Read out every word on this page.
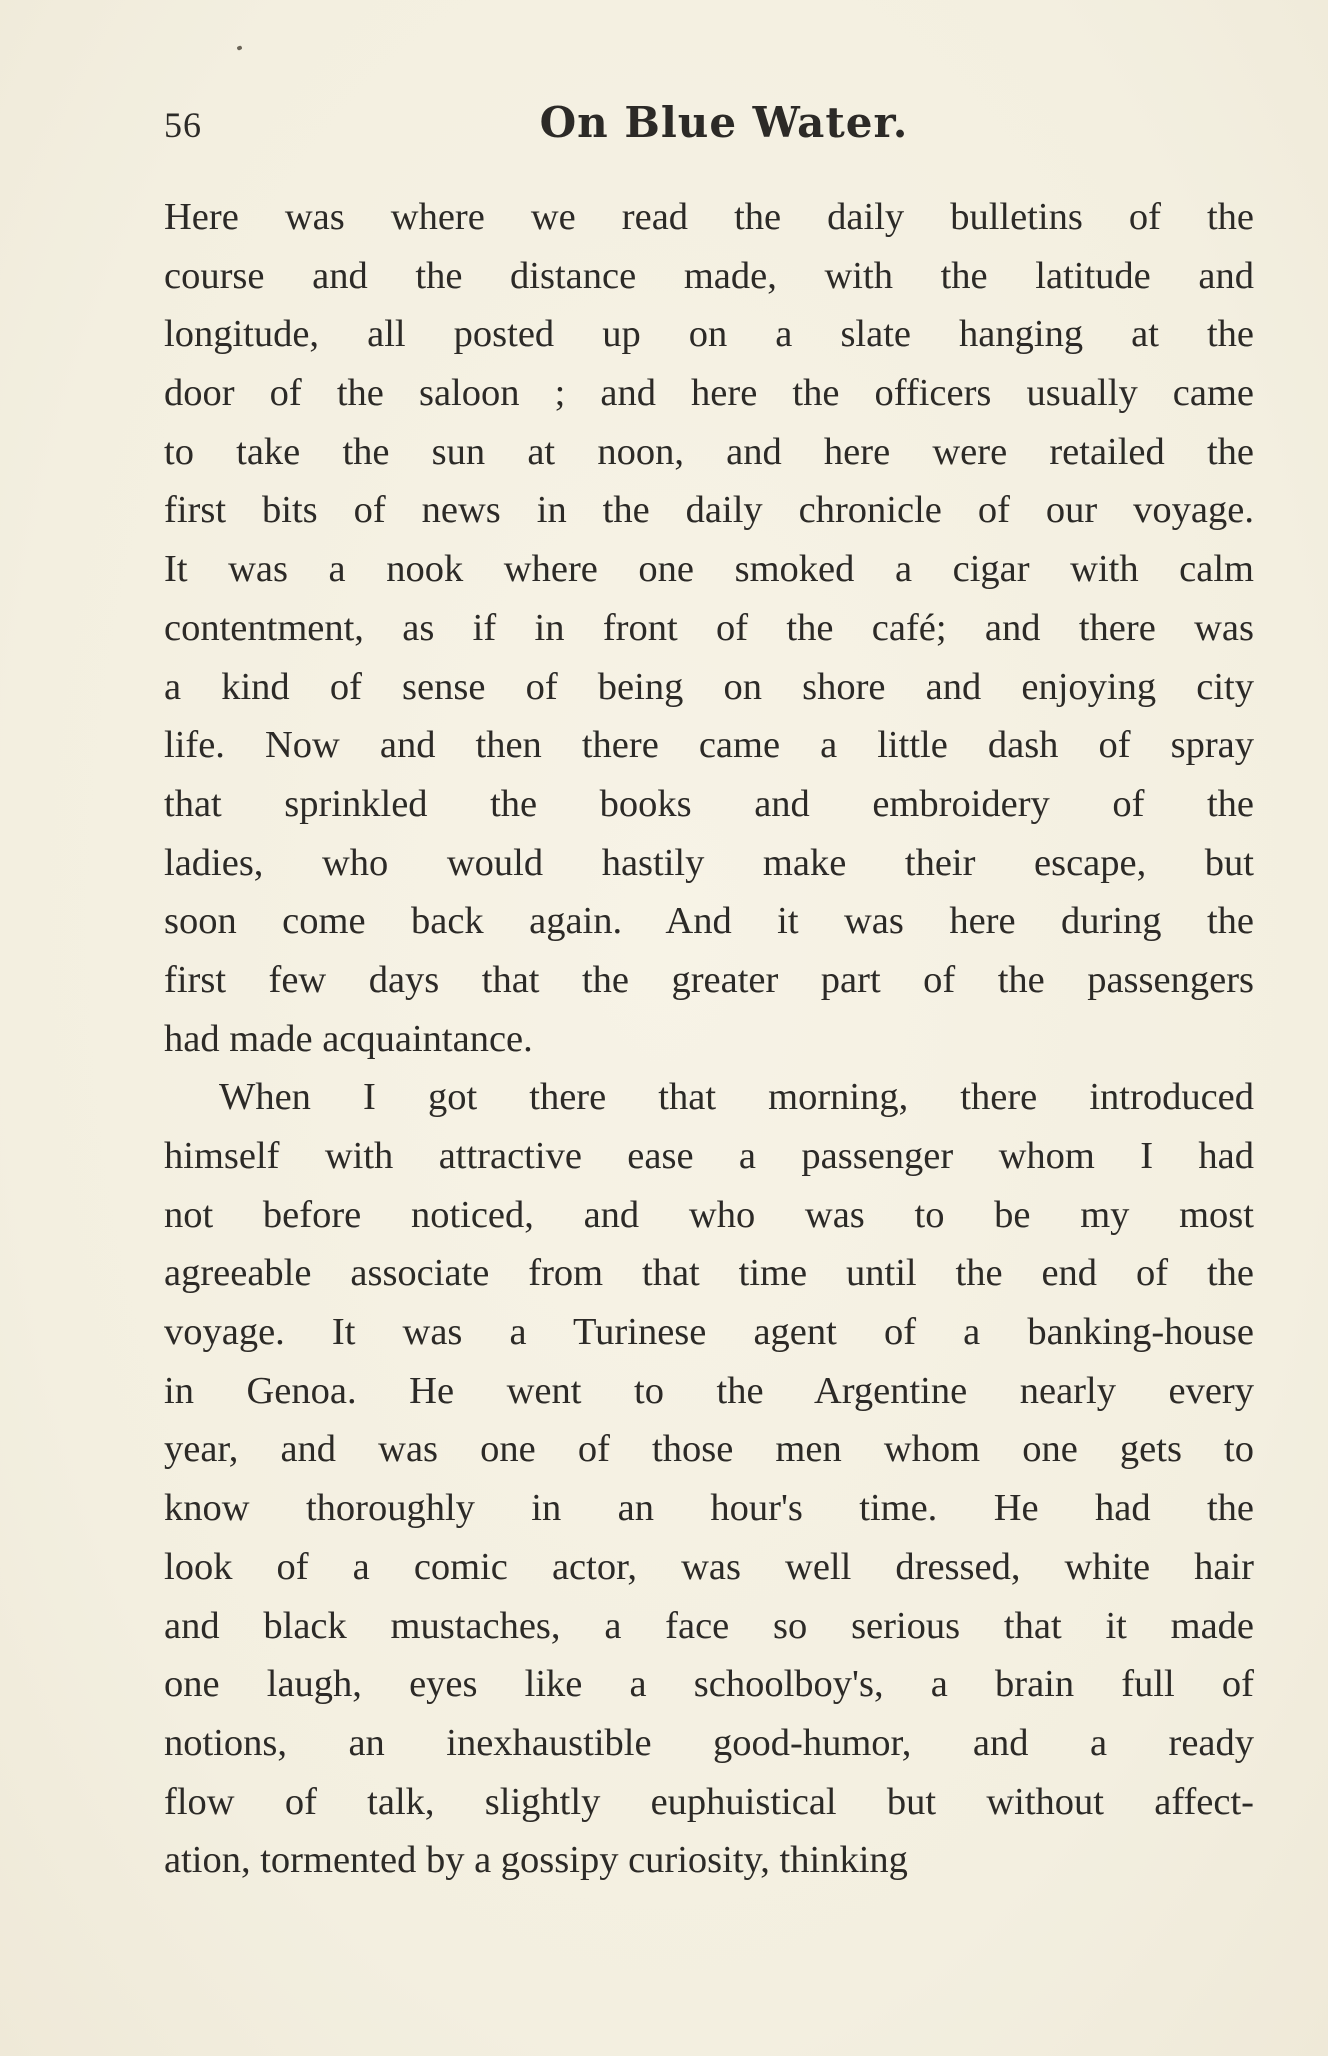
56	On Blue Water.
Here was where we read the daily bulletins of the
course and the distance made, with the latitude and
longitude, all posted up on a slate hanging at the
door of the saloon ; and here the officers usually came
to take the sun at noon, and here were retailed the
first bits of news in the daily chronicle of our voyage.
It was a nook where one smoked a cigar with calm
contentment, as if in front of the café; and there was
a kind of sense of being on shore and enjoying city
life. Now and then there came a little dash of spray
that sprinkled the books and embroidery of the
ladies, who would hastily make their escape, but
soon come back again. And it was here during the
first few days that the greater part of the passengers
had made acquaintance.
When I got there that morning, there introduced
himself with attractive ease a passenger whom I had
not before noticed, and who was to be my most
agreeable associate from that time until the end of the
voyage. It was a Turinese agent of a banking-house
in Genoa. He went to the Argentine nearly every
year, and was one of those men whom one gets to
know thoroughly in an hour's time. He had the
look of a comic actor, was well dressed, white hair
and black mustaches, a face so serious that it made
one laugh, eyes like a schoolboy's, a brain full of
notions, an inexhaustible good-humor, and a ready
flow of talk, slightly euphuistical but without affect-
ation, tormented by a gossipy curiosity, thinking
